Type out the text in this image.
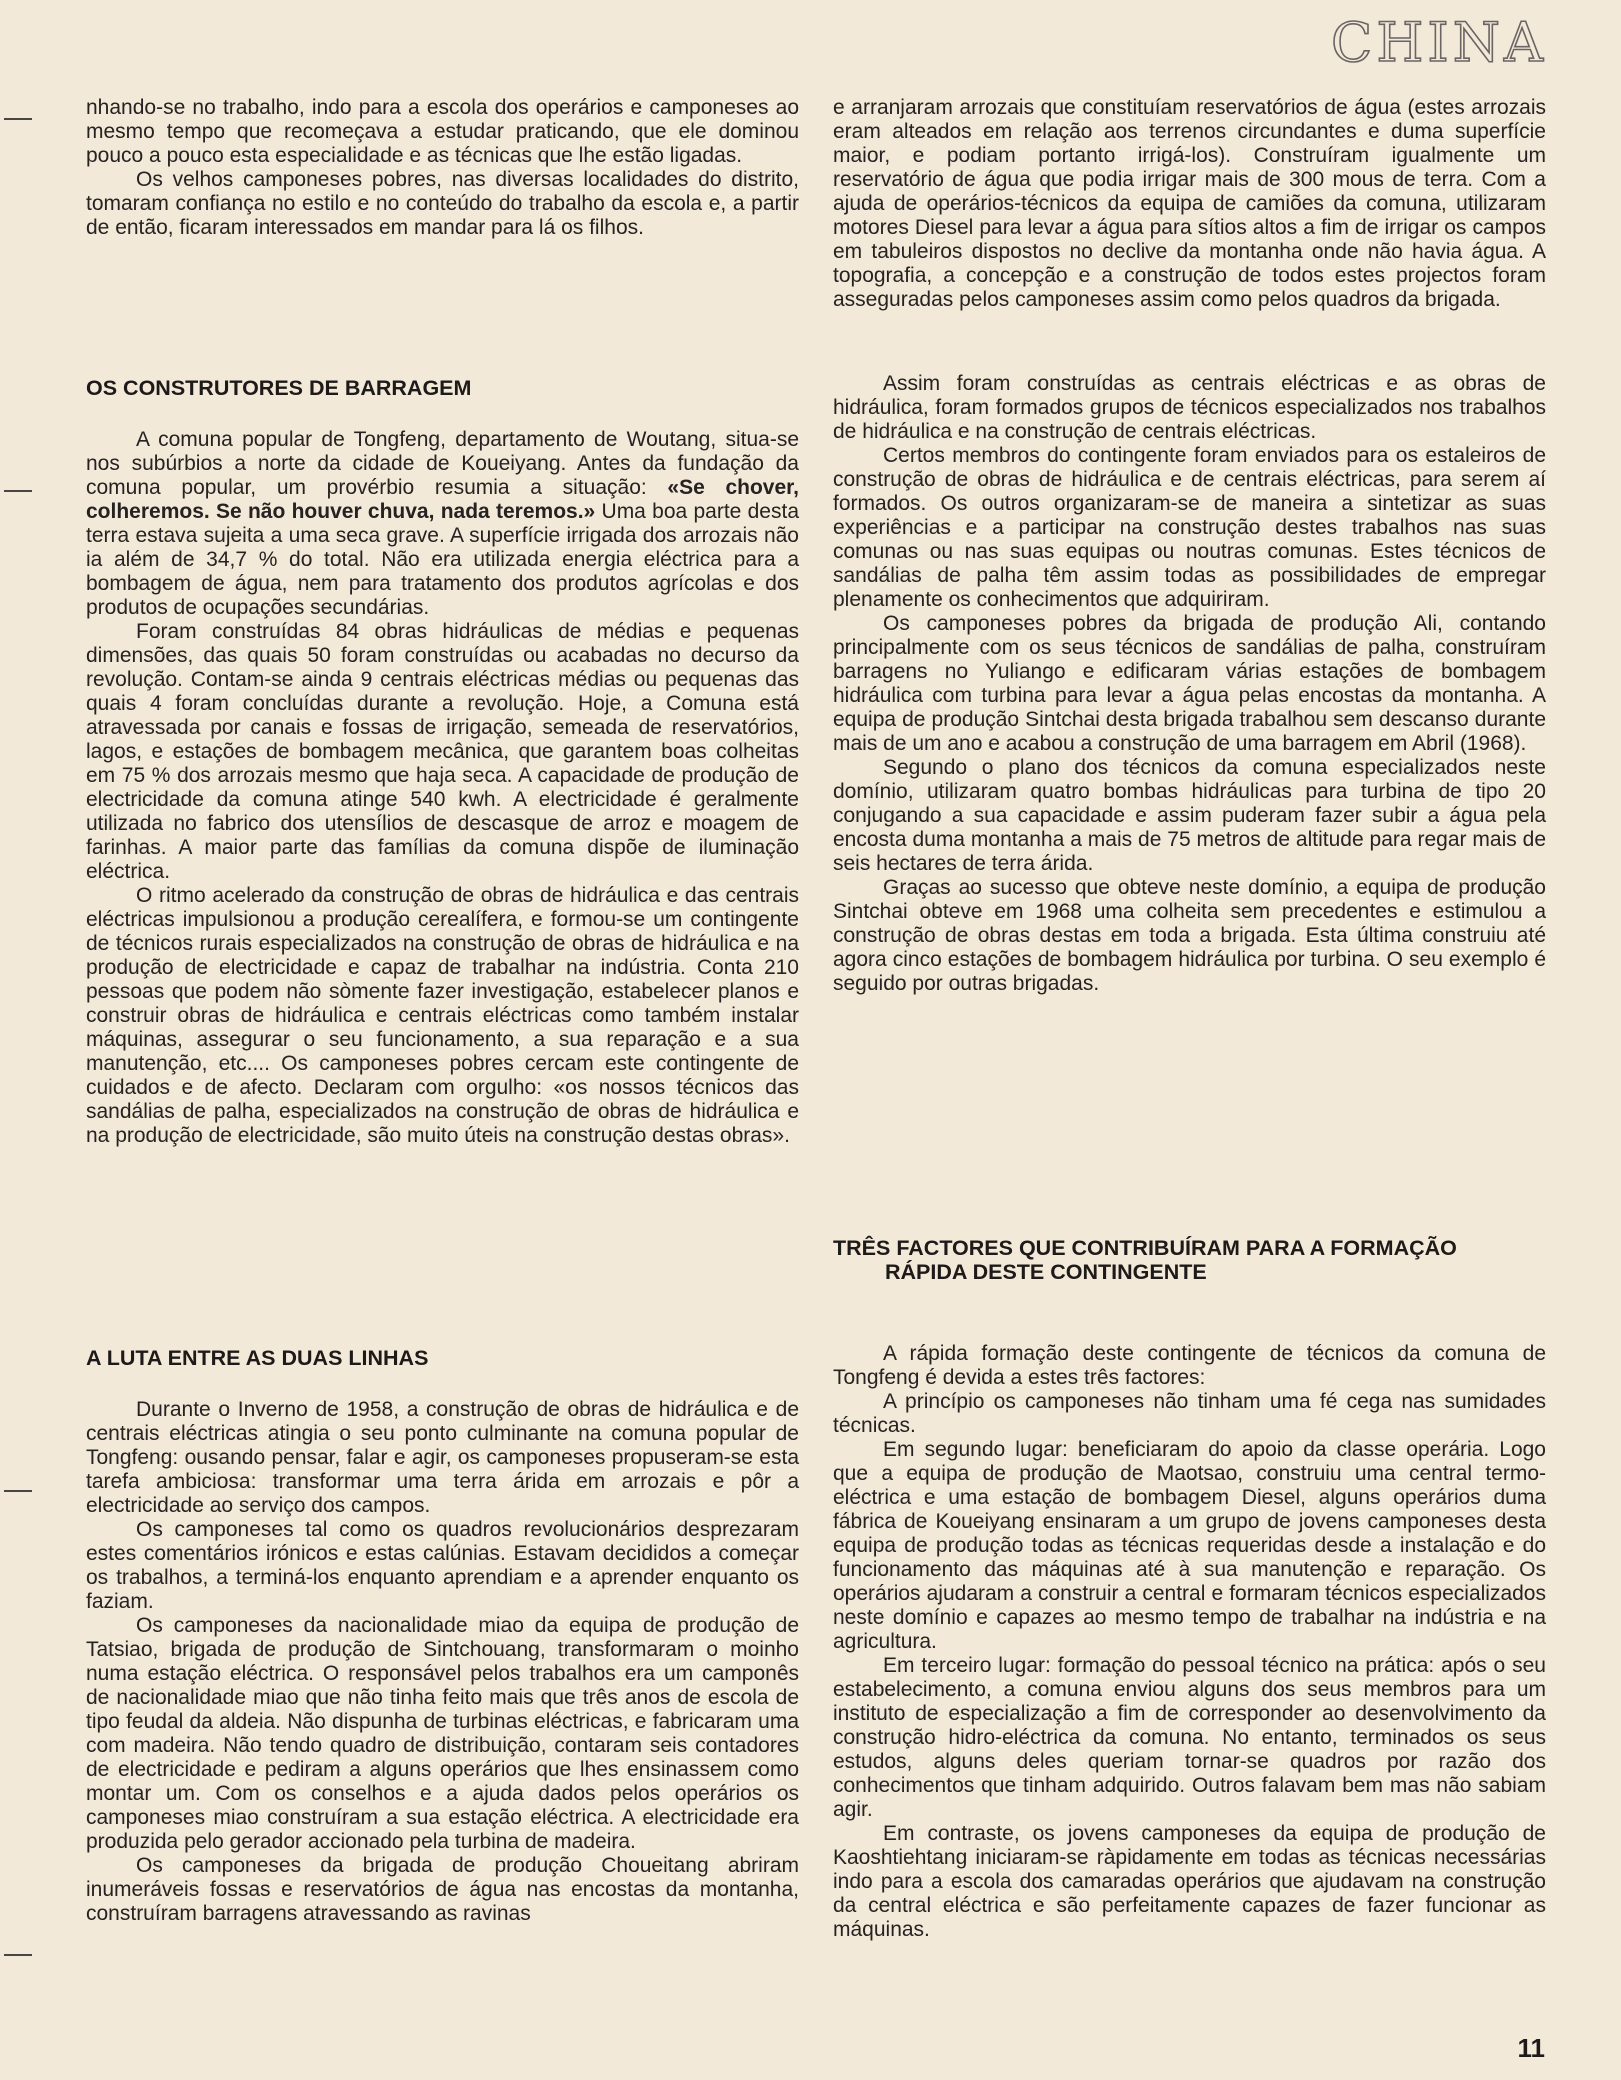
CHINA

nhando-se no trabalho, indo para a escola dos operários e camponeses ao mesmo tempo que recomeçava a estudar praticando, que ele dominou pouco a pouco esta especialidade e as técnicas que lhe estão ligadas.

Os velhos camponeses pobres, nas diversas localidades do distrito, tomaram confiança no estilo e no conteúdo do trabalho da escola e, a partir de então, ficaram interessados em mandar para lá os filhos.

OS CONSTRUTORES DE BARRAGEM

A comuna popular de Tongfeng, departamento de Woutang, situa-se nos subúrbios a norte da cidade de Koueiyang. Antes da fundação da comuna popular, um provérbio resumia a situação: «Se chover, colheremos. Se não houver chuva, nada teremos.» Uma boa parte desta terra estava sujeita a uma seca grave. A superfície irrigada dos arrozais não ia além de 34,7 % do total. Não era utilizada energia eléctrica para a bombagem de água, nem para tratamento dos produtos agrícolas e dos produtos de ocupações secundárias.

Foram construídas 84 obras hidráulicas de médias e pequenas dimensões, das quais 50 foram construídas ou acabadas no decurso da revolução. Contam-se ainda 9 centrais eléctricas médias ou pequenas das quais 4 foram concluídas durante a revolução. Hoje, a Comuna está atravessada por canais e fossas de irrigação, semeada de reservatórios, lagos, e estações de bombagem mecânica, que garantem boas colheitas em 75 % dos arrozais mesmo que haja seca. A capacidade de produção de electricidade da comuna atinge 540 kwh. A electricidade é geralmente utilizada no fabrico dos utensílios de descasque de arroz e moagem de farinhas. A maior parte das famílias da comuna dispõe de iluminação eléctrica.

O ritmo acelerado da construção de obras de hidráulica e das centrais eléctricas impulsionou a produção cerealífera, e formou-se um contingente de técnicos rurais especializados na construção de obras de hidráulica e na produção de electricidade e capaz de trabalhar na indústria. Conta 210 pessoas que podem não sòmente fazer investigação, estabelecer planos e construir obras de hidráulica e centrais eléctricas como também instalar máquinas, assegurar o seu funcionamento, a sua reparação e a sua manutenção, etc.... Os camponeses pobres cercam este contingente de cuidados e de afecto. Declaram com orgulho: «os nossos técnicos das sandálias de palha, especializados na construção de obras de hidráulica e na produção de electricidade, são muito úteis na construção destas obras».

A LUTA ENTRE AS DUAS LINHAS

Durante o Inverno de 1958, a construção de obras de hidráulica e de centrais eléctricas atingia o seu ponto culminante na comuna popular de Tongfeng: ousando pensar, falar e agir, os camponeses propuseram-se esta tarefa ambiciosa: transformar uma terra árida em arrozais e pôr a electricidade ao serviço dos campos.

Os camponeses tal como os quadros revolucionários desprezaram estes comentários irónicos e estas calúnias. Estavam decididos a começar os trabalhos, a terminá-los enquanto aprendiam e a aprender enquanto os faziam.

Os camponeses da nacionalidade miao da equipa de produção de Tatsiao, brigada de produção de Sintchouang, transformaram o moinho numa estação eléctrica. O responsável pelos trabalhos era um camponês de nacionalidade miao que não tinha feito mais que três anos de escola de tipo feudal da aldeia. Não dispunha de turbinas eléctricas, e fabricaram uma com madeira. Não tendo quadro de distribuição, contaram seis contadores de electricidade e pediram a alguns operários que lhes ensinassem como montar um. Com os conselhos e a ajuda dados pelos operários os camponeses miao construíram a sua estação eléctrica. A electricidade era produzida pelo gerador accionado pela turbina de madeira.

Os camponeses da brigada de produção Choueitang abriram inumeráveis fossas e reservatórios de água nas encostas da montanha, construíram barragens atravessando as ravinas

e arranjaram arrozais que constituíam reservatórios de água (estes arrozais eram alteados em relação aos terrenos circundantes e duma superfície maior, e podiam portanto irrigá-los). Construíram igualmente um reservatório de água que podia irrigar mais de 300 mous de terra. Com a ajuda de operários-técnicos da equipa de camiões da comuna, utilizaram motores Diesel para levar a água para sítios altos a fim de irrigar os campos em tabuleiros dispostos no declive da montanha onde não havia água. A topografia, a concepção e a construção de todos estes projectos foram asseguradas pelos camponeses assim como pelos quadros da brigada.

Assim foram construídas as centrais eléctricas e as obras de hidráulica, foram formados grupos de técnicos especializados nos trabalhos de hidráulica e na construção de centrais eléctricas.

Certos membros do contingente foram enviados para os estaleiros de construção de obras de hidráulica e de centrais eléctricas, para serem aí formados. Os outros organizaram-se de maneira a sintetizar as suas experiências e a participar na construção destes trabalhos nas suas comunas ou nas suas equipas ou noutras comunas. Estes técnicos de sandálias de palha têm assim todas as possibilidades de empregar plenamente os conhecimentos que adquiriram.

Os camponeses pobres da brigada de produção Ali, contando principalmente com os seus técnicos de sandálias de palha, construíram barragens no Yuliango e edificaram várias estações de bombagem hidráulica com turbina para levar a água pelas encostas da montanha. A equipa de produção Sintchai desta brigada trabalhou sem descanso durante mais de um ano e acabou a construção de uma barragem em Abril (1968).

Segundo o plano dos técnicos da comuna especializados neste domínio, utilizaram quatro bombas hidráulicas para turbina de tipo 20 conjugando a sua capacidade e assim puderam fazer subir a água pela encosta duma montanha a mais de 75 metros de altitude para regar mais de seis hectares de terra árida.

Graças ao sucesso que obteve neste domínio, a equipa de produção Sintchai obteve em 1968 uma colheita sem precedentes e estimulou a construção de obras destas em toda a brigada. Esta última construiu até agora cinco estações de bombagem hidráulica por turbina. O seu exemplo é seguido por outras brigadas.

TRÊS FACTORES QUE CONTRIBUÍRAM PARA A FORMAÇÃO
RÁPIDA DESTE CONTINGENTE

A rápida formação deste contingente de técnicos da comuna de Tongfeng é devida a estes três factores:

A princípio os camponeses não tinham uma fé cega nas sumidades técnicas.

Em segundo lugar: beneficiaram do apoio da classe operária. Logo que a equipa de produção de Maotsao, construiu uma central termo-eléctrica e uma estação de bombagem Diesel, alguns operários duma fábrica de Koueiyang ensinaram a um grupo de jovens camponeses desta equipa de produção todas as técnicas requeridas desde a instalação e do funcionamento das máquinas até à sua manutenção e reparação. Os operários ajudaram a construir a central e formaram técnicos especializados neste domínio e capazes ao mesmo tempo de trabalhar na indústria e na agricultura.

Em terceiro lugar: formação do pessoal técnico na prática: após o seu estabelecimento, a comuna enviou alguns dos seus membros para um instituto de especialização a fim de corresponder ao desenvolvimento da construção hidro-eléctrica da comuna. No entanto, terminados os seus estudos, alguns deles queriam tornar-se quadros por razão dos conhecimentos que tinham adquirido. Outros falavam bem mas não sabiam agir.

Em contraste, os jovens camponeses da equipa de produção de Kaoshtiehtang iniciaram-se ràpidamente em todas as técnicas necessárias indo para a escola dos camaradas operários que ajudavam na construção da central eléctrica e são perfeitamente capazes de fazer funcionar as máquinas.

11
